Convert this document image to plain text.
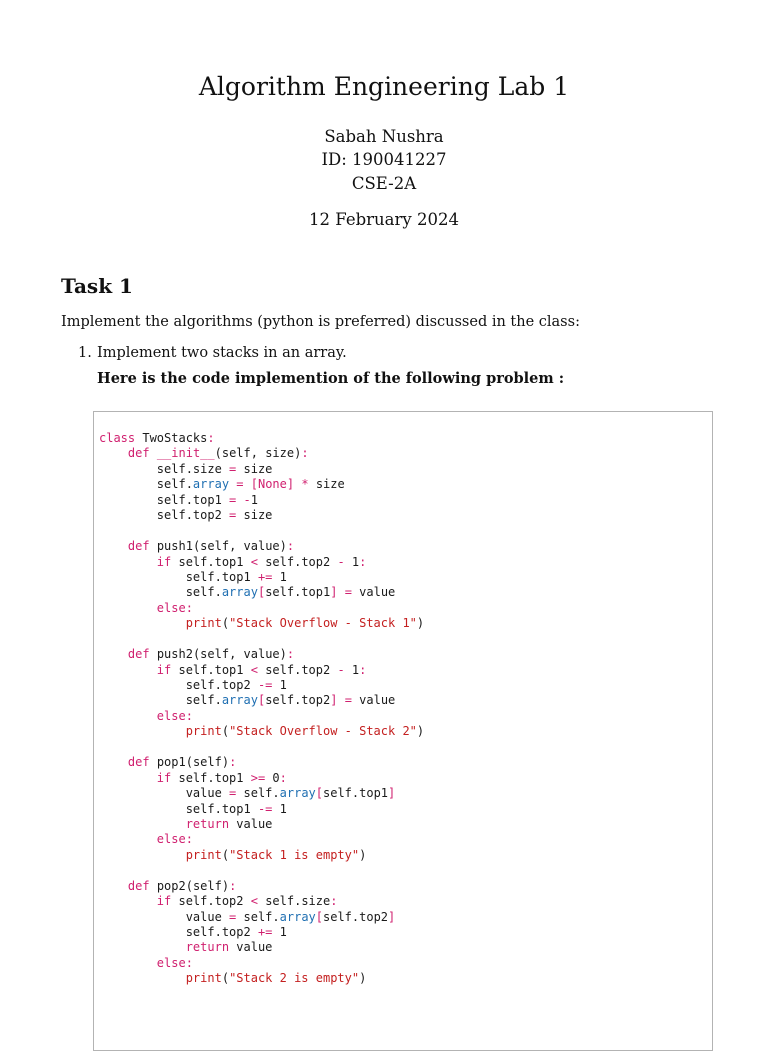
Algorithm Engineering Lab 1
Sabah Nushra
ID: 190041227
CSE-2A
12 February 2024
Task 1
Implement the algorithms (python is preferred) discussed in the class:
1. Implement two stacks in an array.
Here is the code implemention of the following problem :
class TwoStacks:
def __init__(self, size):
self.size = size
self.array = [None] * size
self.top1 = -1
self.top2 = size

def push1(self, value):
if self.top1 < self.top2 - 1:
self.top1 += 1
self.array[self.top1] = value
else:
print("Stack Overflow - Stack 1")

def push2(self, value):
if self.top1 < self.top2 - 1:
self.top2 -= 1
self.array[self.top2] = value
else:
print("Stack Overflow - Stack 2")

def pop1(self):
if self.top1 >= 0:
value = self.array[self.top1]
self.top1 -= 1
return value
else:
print("Stack 1 is empty")

def pop2(self):
if self.top2 < self.size:
value = self.array[self.top2]
self.top2 += 1
return value
else:
print("Stack 2 is empty")
